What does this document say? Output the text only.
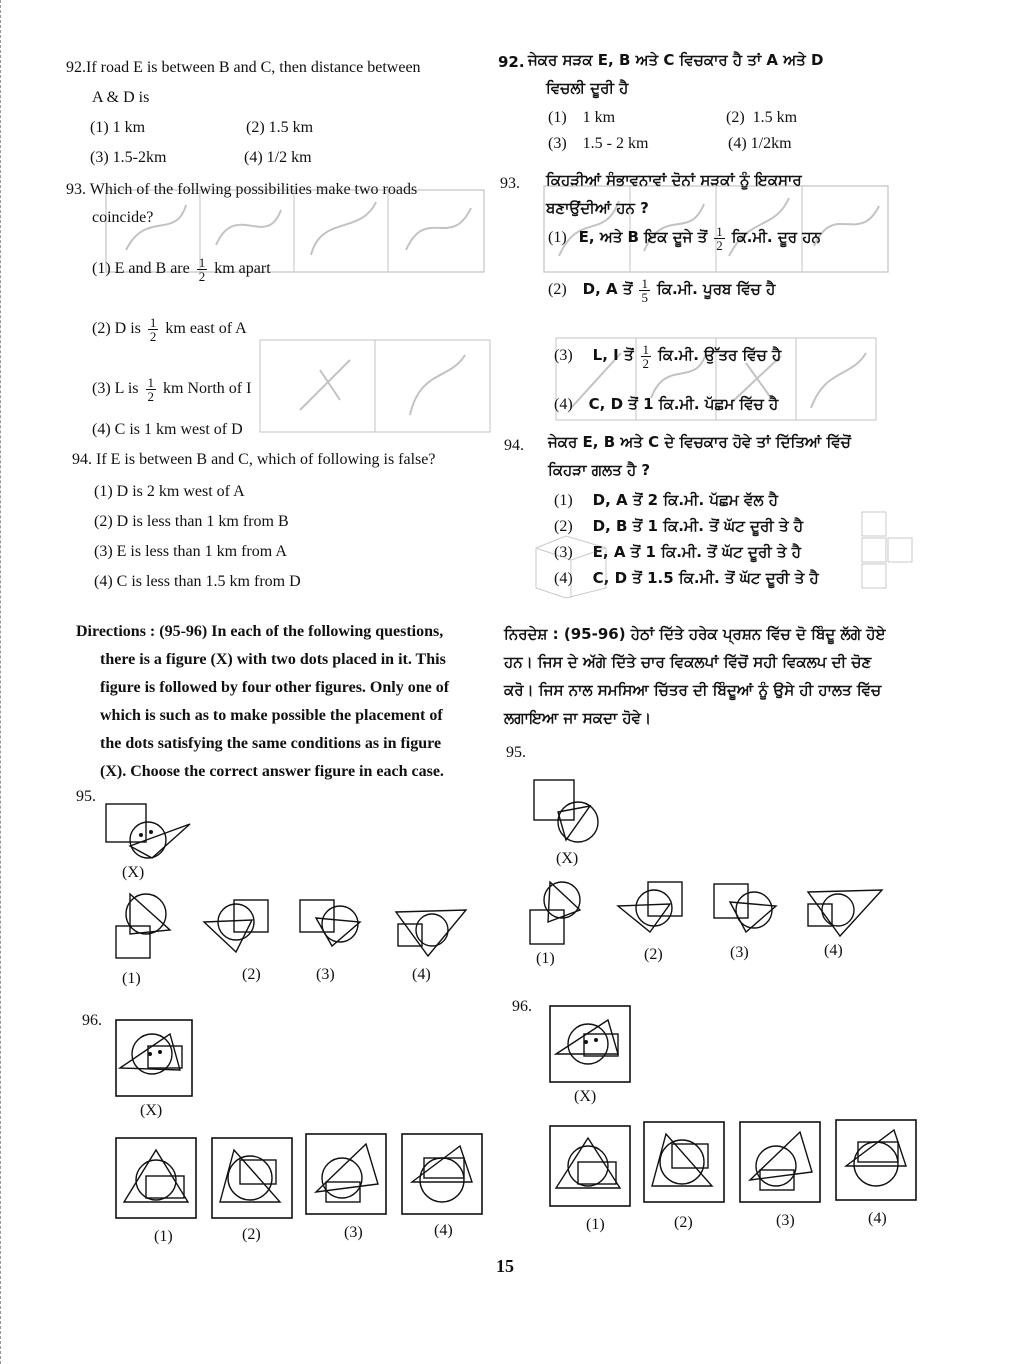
92.If road E is between B and C, then distance between
A & D is
(1) 1 km	(2) 1.5 km
(3) 1.5-2km	(4) 1/2 km
93. Which of the follwing possibilities make two roads
coincide?
(1) E and B are $\frac{1}{2}$ km apart
(2) D is $\frac{1}{2}$ km east of A
(3) L is $\frac{1}{2}$ km North of I
(4) C is 1 km west of D
94. If E is between B and C, which of following is false?
(1) D is 2 km west of A
(2) D is less than 1 km from B
(3) E is less than 1 km from A
(4) C is less than 1.5 km from D
Directions : (95-96) In each of the following questions,
there is a figure (X) with two dots placed in it. This
figure is followed by four other figures. Only one of
which is such as to make possible the placement of
the dots satisfying the same conditions as in figure
(X). Choose the correct answer figure in each case.
92. ਜੇਕਰ ਸੜਕ E, B ਅਤੇ C ਵਿਚਕਾਰ ਹੈ ਤਾਂ A ਅਤੇ D
ਵਿਚਲੀ ਦੂਰੀ ਹੈ
(1) 1 km	(2) 1.5 km
(3) 1.5 - 2 km	(4) 1/2km
93. ਕਿਹੜੀਆਂ ਸੰਭਾਵਨਾਵਾਂ ਦੋਨਾਂ ਸੜਕਾਂ ਨੂੰ ਇਕਸਾਰ
ਬਣਾਉਂਦੀਆਂ ਹਨ ?
(1) E, ਅਤੇ B ਇਕ ਦੂਜੇ ਤੋਂ $\frac{1}{2}$ ਕਿ.ਮੀ. ਦੂਰ ਹਨ
(2) D, A ਤੋਂ $\frac{1}{5}$ ਕਿ.ਮੀ. ਪੂਰਬ ਵਿੱਚ ਹੈ
(3) L, I ਤੋਂ $\frac{1}{2}$ ਕਿ.ਮੀ. ਉੱਤਰ ਵਿੱਚ ਹੈ
(4) C, D ਤੋਂ 1 ਕਿ.ਮੀ. ਪੱਛਮ ਵਿੱਚ ਹੈ
94. ਜੇਕਰ E, B ਅਤੇ C ਦੇ ਵਿਚਕਾਰ ਹੋਵੇ ਤਾਂ ਦਿੱਤਿਆਂ ਵਿੱਚੋਂ
ਕਿਹੜਾ ਗਲਤ ਹੈ ?
(1) D, A ਤੋਂ 2 ਕਿ.ਮੀ. ਪੱਛਮ ਵੱਲ ਹੈ
(2) D, B ਤੋਂ 1 ਕਿ.ਮੀ. ਤੋਂ ਘੱਟ ਦੂਰੀ ਤੇ ਹੈ
(3) E, A ਤੋਂ 1 ਕਿ.ਮੀ. ਤੋਂ ਘੱਟ ਦੂਰੀ ਤੇ ਹੈ
(4) C, D ਤੋਂ 1.5 ਕਿ.ਮੀ. ਤੋਂ ਘੱਟ ਦੂਰੀ ਤੇ ਹੈ
ਨਿਰਦੇਸ਼ : (95-96) ਹੇਠਾਂ ਦਿੱਤੇ ਹਰੇਕ ਪ੍ਰਸ਼ਨ ਵਿੱਚ ਦੋ ਬਿੰਦੂ ਲੱਗੇ ਹੋਏ
ਹਨ। ਜਿਸ ਦੇ ਅੱਗੇ ਦਿੱਤੇ ਚਾਰ ਵਿਕਲਪਾਂ ਵਿੱਚੋਂ ਸਹੀ ਵਿਕਲਪ ਦੀ ਚੋਣ
ਕਰੋ। ਜਿਸ ਨਾਲ ਸਮਸਿਆ ਚਿੱਤਰ ਦੀ ਬਿੰਦੂਆਂ ਨੂੰ ਉਸੇ ਹੀ ਹਾਲਤ ਵਿੱਚ
ਲਗਾਇਆ ਜਾ ਸਕਦਾ ਹੋਵੇ।
95.
(X)
(1)	(2)	(3)	(4)
95.
(X)
(1)	(2)	(3)	(4)
96.
(X)
(1)	(2)	(3)	(4)
96.
(X)
(1)	(2)	(3)	(4)
15
